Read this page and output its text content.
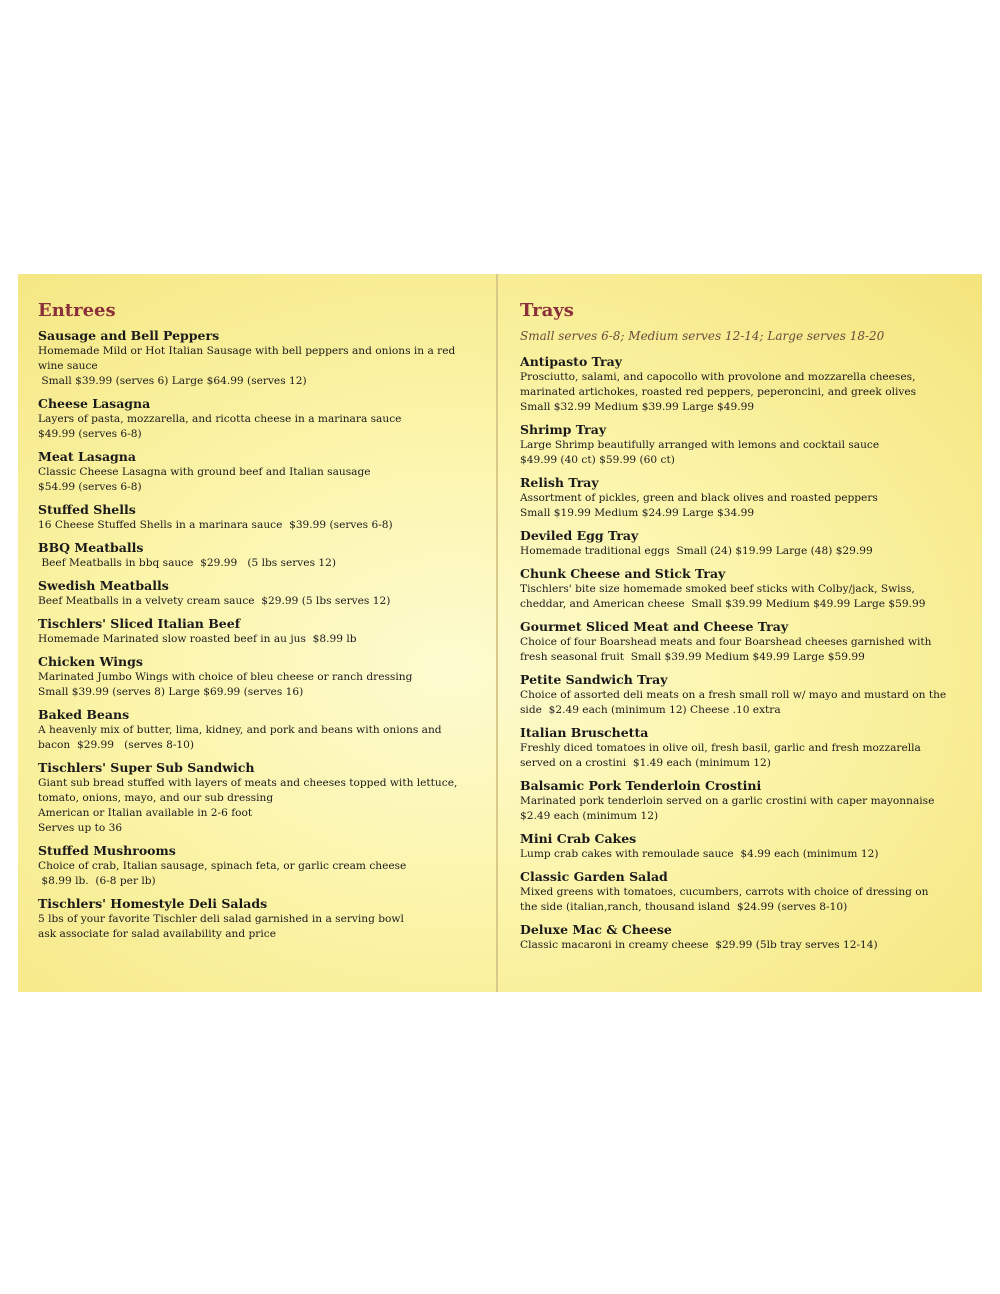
Entrees
Sausage and Bell Peppers
Homemade Mild or Hot Italian Sausage with bell peppers and onions in a red
wine sauce
Small $39.99 (serves 6) Large $64.99 (serves 12)
Cheese Lasagna
Layers of pasta, mozzarella, and ricotta cheese in a marinara sauce
$49.99 (serves 6-8)
Meat Lasagna
Classic Cheese Lasagna with ground beef and Italian sausage
$54.99 (serves 6-8)
Stuffed Shells
16 Cheese Stuffed Shells in a marinara sauce  $39.99 (serves 6-8)
BBQ Meatballs
Beef Meatballs in bbq sauce  $29.99   (5 lbs serves 12)
Swedish Meatballs
Beef Meatballs in a velvety cream sauce  $29.99 (5 lbs serves 12)
Tischlers' Sliced Italian Beef
Homemade Marinated slow roasted beef in au jus  $8.99 lb
Chicken Wings
Marinated Jumbo Wings with choice of bleu cheese or ranch dressing
Small $39.99 (serves 8) Large $69.99 (serves 16)
Baked Beans
A heavenly mix of butter, lima, kidney, and pork and beans with onions and
bacon  $29.99   (serves 8-10)
Tischlers' Super Sub Sandwich
Giant sub bread stuffed with layers of meats and cheeses topped with lettuce,
tomato, onions, mayo, and our sub dressing
American or Italian available in 2-6 foot
Serves up to 36
Stuffed Mushrooms
Choice of crab, Italian sausage, spinach feta, or garlic cream cheese
$8.99 lb.  (6-8 per lb)
Tischlers' Homestyle Deli Salads
5 lbs of your favorite Tischler deli salad garnished in a serving bowl
ask associate for salad availability and price
Trays
Small serves 6-8; Medium serves 12-14; Large serves 18-20
Antipasto Tray
Prosciutto, salami, and capocollo with provolone and mozzarella cheeses,
marinated artichokes, roasted red peppers, peperoncini, and greek olives
Small $32.99 Medium $39.99 Large $49.99
Shrimp Tray
Large Shrimp beautifully arranged with lemons and cocktail sauce
$49.99 (40 ct) $59.99 (60 ct)
Relish Tray
Assortment of pickles, green and black olives and roasted peppers
Small $19.99 Medium $24.99 Large $34.99
Deviled Egg Tray
Homemade traditional eggs  Small (24) $19.99 Large (48) $29.99
Chunk Cheese and Stick Tray
Tischlers' bite size homemade smoked beef sticks with Colby/jack, Swiss,
cheddar, and American cheese  Small $39.99 Medium $49.99 Large $59.99
Gourmet Sliced Meat and Cheese Tray
Choice of four Boarshead meats and four Boarshead cheeses garnished with
fresh seasonal fruit  Small $39.99 Medium $49.99 Large $59.99
Petite Sandwich Tray
Choice of assorted deli meats on a fresh small roll w/ mayo and mustard on the
side  $2.49 each (minimum 12) Cheese .10 extra
Italian Bruschetta
Freshly diced tomatoes in olive oil, fresh basil, garlic and fresh mozzarella
served on a crostini  $1.49 each (minimum 12)
Balsamic Pork Tenderloin Crostini
Marinated pork tenderloin served on a garlic crostini with caper mayonnaise
$2.49 each (minimum 12)
Mini Crab Cakes
Lump crab cakes with remoulade sauce  $4.99 each (minimum 12)
Classic Garden Salad
Mixed greens with tomatoes, cucumbers, carrots with choice of dressing on
the side (italian,ranch, thousand island  $24.99 (serves 8-10)
Deluxe Mac & Cheese
Classic macaroni in creamy cheese  $29.99 (5lb tray serves 12-14)
